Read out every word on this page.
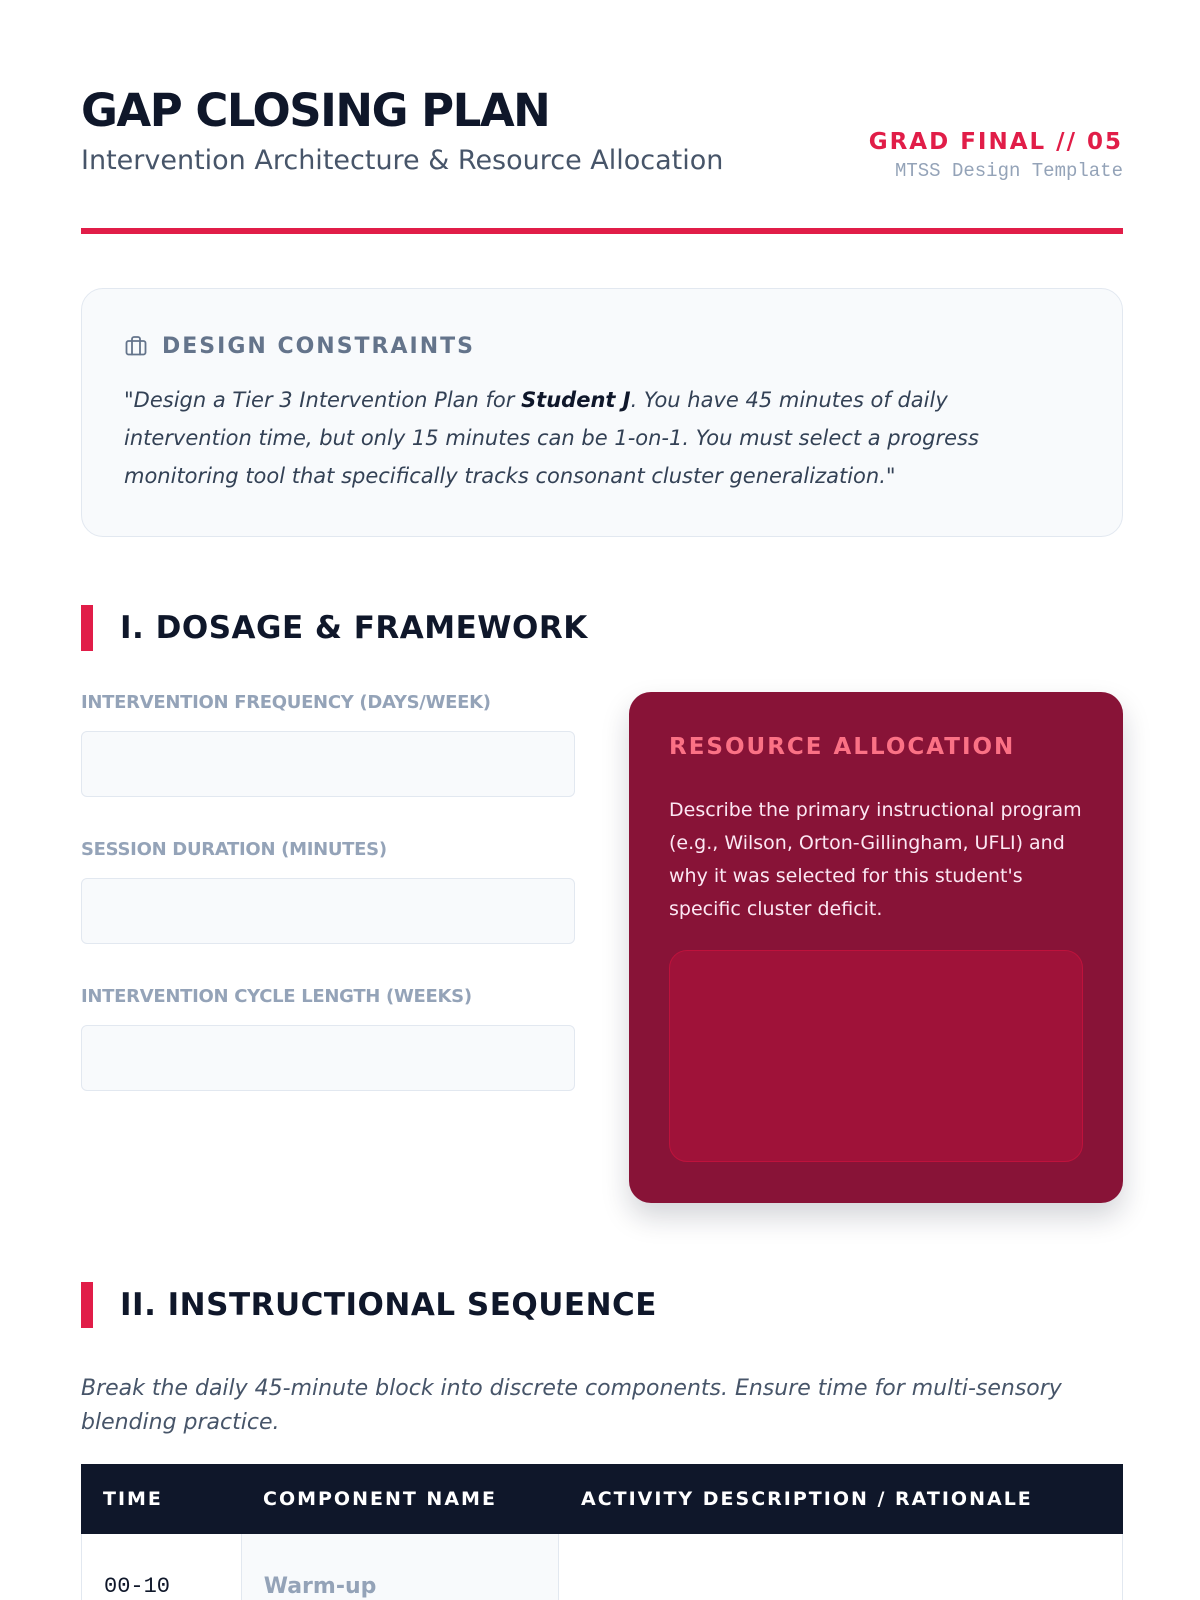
GAP CLOSING PLAN
Intervention Architecture & Resource Allocation
GRAD FINAL // 05
MTSS Design Template
DESIGN CONSTRAINTS

"Design a Tier 3 Intervention Plan for Student J. You have 45 minutes of daily intervention time, but only 15 minutes can be 1-on-1. You must select a progress monitoring tool that specifically tracks consonant cluster generalization."

I. DOSAGE & FRAMEWORK
INTERVENTION FREQUENCY (DAYS/WEEK)
SESSION DURATION (MINUTES)
INTERVENTION CYCLE LENGTH (WEEKS)
RESOURCE ALLOCATION

Describe the primary instructional program (e.g., Wilson, Orton-Gillingham, UFLI) and why it was selected for this student's specific cluster deficit.

II. INSTRUCTIONAL SEQUENCE

Break the daily 45-minute block into discrete components. Ensure time for multi-sensory blending practice.

TIME	COMPONENT NAME	ACTIVITY DESCRIPTION / RATIONALE
00-10	Warm-up
